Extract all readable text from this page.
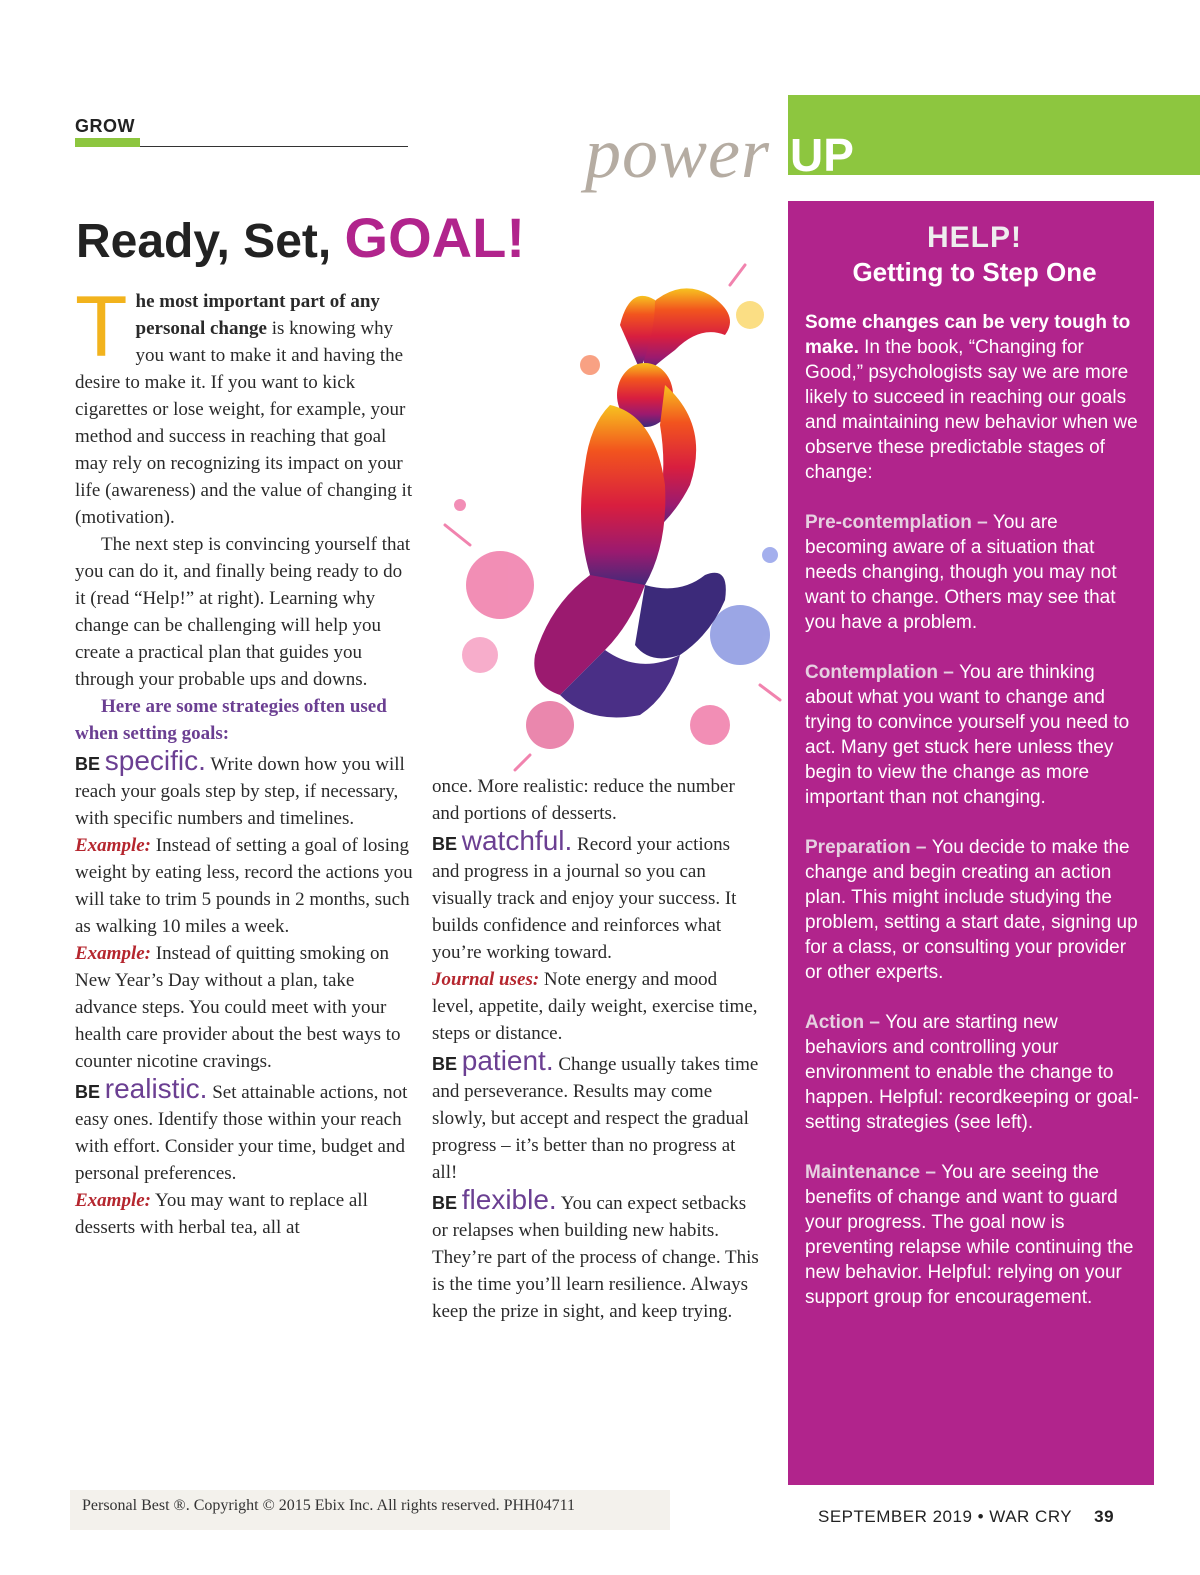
GROW	power UP
Ready, Set, GOAL!

The most important part of any personal change is knowing why you want to make it and having the desire to make it. If you want to kick cigarettes or lose weight, for example, your method and success in reaching that goal may rely on recognizing its impact on your life (awareness) and the value of changing it (motivation).

The next step is convincing yourself that you can do it, and finally being ready to do it (read “Help!” at right). Learning why change can be challenging will help you create a practical plan that guides you through your probable ups and downs.

Here are some strategies often used when setting goals:

BE specific. Write down how you will reach your goals step by step, if necessary, with specific numbers and timelines.

Example: Instead of setting a goal of losing weight by eating less, record the actions you will take to trim 5 pounds in 2 months, such as walking 10 miles a week.

Example: Instead of quitting smoking on New Year’s Day without a plan, take advance steps. You could meet with your health care provider about the best ways to counter nicotine cravings.

BE realistic. Set attainable actions, not easy ones. Identify those within your reach with effort. Consider your time, budget and personal preferences.

Example: You may want to replace all desserts with herbal tea, all at

once. More realistic: reduce the number and portions of desserts.

BE watchful. Record your actions and progress in a journal so you can visually track and enjoy your success. It builds confidence and reinforces what you’re working toward.

Journal uses: Note energy and mood level, appetite, daily weight, exercise time, steps or distance.

BE patient. Change usually takes time and perseverance. Results may come slowly, but accept and respect the gradual progress – it’s better than no progress at all!

BE flexible. You can expect setbacks or relapses when building new habits. They’re part of the process of change. This is the time you’ll learn resilience. Always keep the prize in sight, and keep trying.

HELP!
Getting to Step One

Some changes can be very tough to make. In the book, “Changing for Good,” psychologists say we are more likely to succeed in reaching our goals and maintaining new behavior when we observe these predictable stages of change:

Pre-contemplation – You are becoming aware of a situation that needs changing, though you may not want to change. Others may see that you have a problem.

Contemplation – You are thinking about what you want to change and trying to convince yourself you need to act. Many get stuck here unless they begin to view the change as more important than not changing.

Preparation – You decide to make the change and begin creating an action plan. This might include studying the problem, setting a start date, signing up for a class, or consulting your provider or other experts.

Action – You are starting new behaviors and controlling your environment to enable the change to happen. Helpful: recordkeeping or goal-setting strategies (see left).

Maintenance – You are seeing the benefits of change and want to guard your progress. The goal now is preventing relapse while continuing the new behavior. Helpful: relying on your support group for encouragement.

Personal Best ®. Copyright © 2015 Ebix Inc. All rights reserved. PHH04711
SEPTEMBER 2019 • WAR CRY 39
